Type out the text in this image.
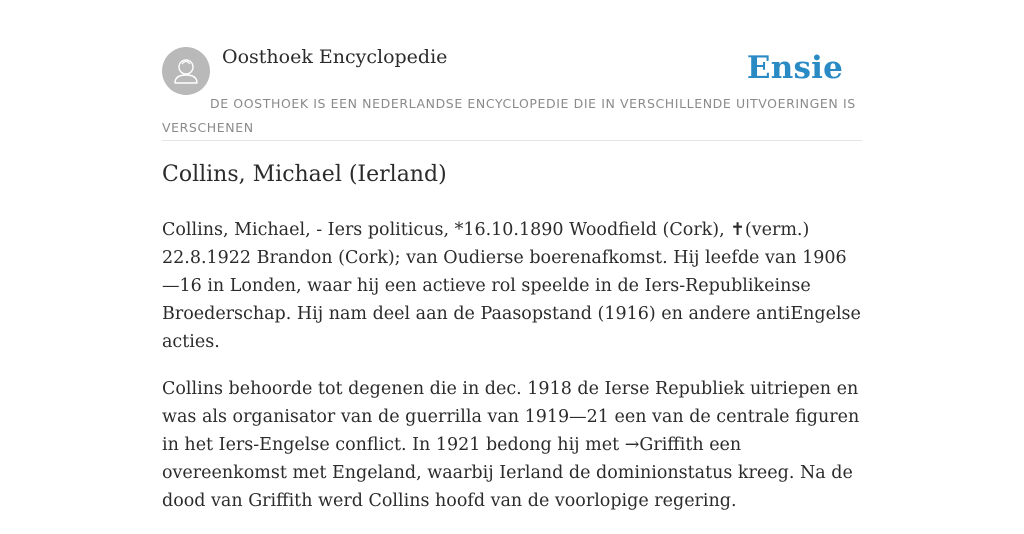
Oosthoek Encyclopedie	Ensie
DE OOSTHOEK IS EEN NEDERLANDSE ENCYCLOPEDIE DIE IN VERSCHILLENDE UITVOERINGEN IS VERSCHENEN
Collins, Michael (Ierland)

Collins, Michael, - Iers politicus, *16.10.1890 Woodfield (Cork), ✝(verm.) 22.8.1922 Brandon (Cork); van Oudierse boerenafkomst. Hij leefde van 1906—16 in Londen, waar hij een actieve rol speelde in de Iers-Republikeinse Broederschap. Hij nam deel aan de Paasopstand (1916) en andere antiEngelse acties.

Collins behoorde tot degenen die in dec. 1918 de Ierse Republiek uitriepen en was als organisator van de guerrilla van 1919—21 een van de centrale figuren in het Iers-Engelse conflict. In 1921 bedong hij met →Griffith een overeenkomst met Engeland, waarbij Ierland de dominionstatus kreeg. Na de dood van Griffith werd Collins hoofd van de voorlopige regering.
